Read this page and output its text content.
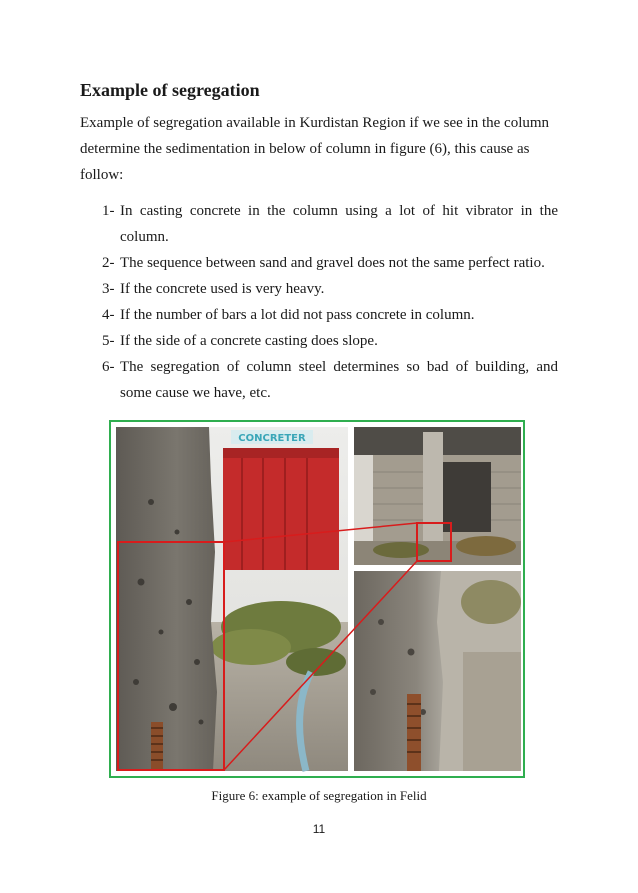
Example of segregation

Example of segregation available in Kurdistan Region if we see in the column determine the sedimentation in below of column in figure (6), this cause as follow:

1- In casting concrete in the column using a lot of hit vibrator in the column.
2- The sequence between sand and gravel does not the same perfect ratio.
3- If the concrete used is very heavy.
4- If the number of bars a lot did not pass concrete in column.
5- If the side of a concrete casting does slope.
6- The segregation of column steel determines so bad of building, and some cause we have, etc.
CONCRETER

Figure 6: example of segregation in Felid

11
